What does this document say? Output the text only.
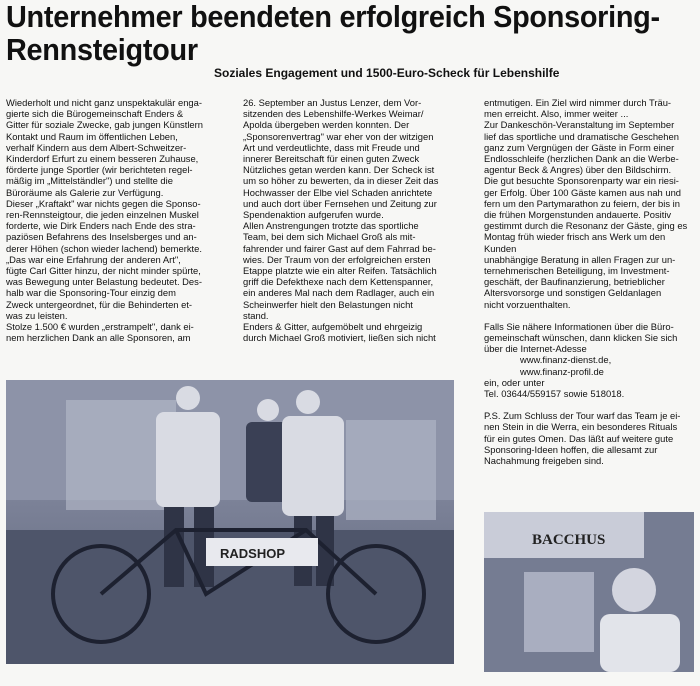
Unternehmer beendeten erfolgreich Sponsoring-
Rennsteigtour
Soziales Engagement und 1500-Euro-Scheck für Lebenshilfe

Wiederholt und nicht ganz unspektakulär enga-

gierte sich die Bürogemeinschaft Enders &

Gitter für soziale Zwecke, gab jungen Künstlern

Kontakt und Raum im öffentlichen Leben,

verhalf Kindern aus dem Albert-Schweitzer-

Kinderdorf Erfurt zu einem besseren Zuhause,

förderte junge Sportler (wir berichteten regel-

mäßig im „Mittelständler") und stellte die

Büroräume als Galerie zur Verfügung.

Dieser „Kraftakt" war nichts gegen die Sponso-

ren-Rennsteigtour, die jeden einzelnen Muskel

forderte, wie Dirk Enders nach Ende des stra-

paziösen Befahrens des Inselsberges und an-

derer Höhen (schon wieder lachend) bemerkte.

„Das war eine Erfahrung der anderen Art",

fügte Carl Gitter hinzu, der nicht minder spürte,

was Bewegung unter Belastung bedeutet. Des-

halb war die Sponsoring-Tour einzig dem

Zweck untergeordnet, für die Behinderten et-

was zu leisten.

Stolze 1.500 € wurden „erstrampelt", dank ei-

nem herzlichen Dank an alle Sponsoren, am

26. September an Justus Lenzer, dem Vor-

sitzenden des Lebenshilfe-Werkes Weimar/

Apolda übergeben werden konnten. Der

„Sponsorenvertrag" war eher von der witzigen

Art und verdeutlichte, dass mit Freude und

innerer Bereitschaft für einen guten Zweck

Nützliches getan werden kann. Der Scheck ist

um so höher zu bewerten, da in dieser Zeit das

Hochwasser der Elbe viel Schaden anrichtete

und auch dort über Fernsehen und Zeitung zur

Spendenaktion aufgerufen wurde.

Allen Anstrengungen trotzte das sportliche

Team, bei dem sich Michael Groß als mit-

fahrender und fairer Gast auf dem Fahrrad be-

wies. Der Traum von der erfolgreichen ersten

Etappe platzte wie ein alter Reifen. Tatsächlich

griff die Defekthexe nach dem Kettenspanner,

ein anderes Mal nach dem Radlager, auch ein

Scheinwerfer hielt den Belastungen nicht

stand.

Enders & Gitter, aufgemöbelt und ehrgeizig

durch Michael Groß motiviert, ließen sich nicht

entmutigen. Ein Ziel wird nimmer durch Träu-

men erreicht. Also, immer weiter ...

Zur Dankeschön-Veranstaltung im September

lief das sportliche und dramatische Geschehen

ganz zum Vergnügen der Gäste in Form einer

Endlosschleife (herzlichen Dank an die Werbe-

agentur Beck & Angres) über den Bildschirm.

Die gut besuchte Sponsorenparty war ein riesi-

ger Erfolg. Über 100 Gäste kamen aus nah und

fern um den Partymarathon zu feiern, der bis in

die frühen Morgenstunden andauerte. Positiv

gestimmt durch die Resonanz der Gäste, ging es

Montag früh wieder frisch ans Werk um den

Kunden

unabhängige Beratung in allen Fragen zur un-

ternehmerischen Beteiligung, im Investment-

geschäft, der Baufinanzierung, betrieblicher

Altersvorsorge und sonstigen Geldanlagen

nicht vorzuenthalten.

Falls Sie nähere Informationen über die Büro-

gemeinschaft wünschen, dann klicken Sie sich

über die Internet-Adesse

www.finanz-dienst.de,
www.finanz-profil.de

ein, oder unter

Tel. 03644/559157 sowie 518018.

P.S. Zum Schluss der Tour warf das Team je ei-

nen Stein in die Werra, ein besonderes Rituals

für ein gutes Omen. Das läßt auf weitere gute

Sponsoring-Ideen hoffen, die allesamt zur

Nachahmung freigeben sind.

RADSHOP
BACCHUS
